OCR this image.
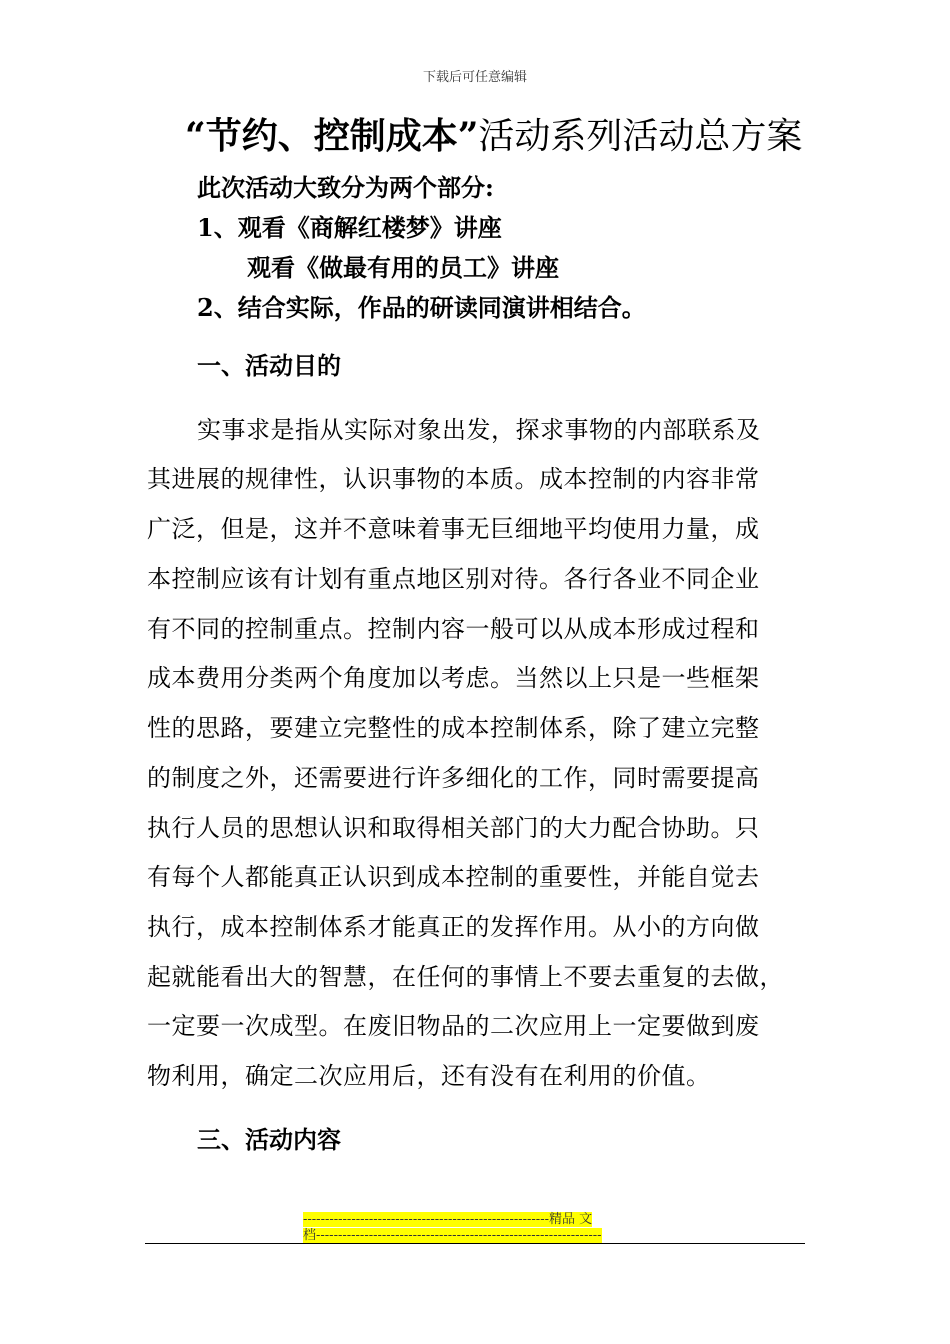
下载后可任意编辑
“节约、控制成本”活动系列活动总方案
此次活动大致分为两个部分:
1、观看《商解红楼梦》讲座
观看《做最有用的员工》讲座
2、结合实际，作品的研读同演讲相结合。
一、活动目的
实事求是指从实际对象出发，探求事物的内部联系及
其进展的规律性，认识事物的本质。成本控制的内容非常
广泛，但是，这并不意味着事无巨细地平均使用力量，成
本控制应该有计划有重点地区别对待。各行各业不同企业
有不同的控制重点。控制内容一般可以从成本形成过程和
成本费用分类两个角度加以考虑。当然以上只是一些框架
性的思路，要建立完整性的成本控制体系，除了建立完整
的制度之外，还需要进行许多细化的工作，同时需要提高
执行人员的思想认识和取得相关部门的大力配合协助。只
有每个人都能真正认识到成本控制的重要性，并能自觉去
执行，成本控制体系才能真正的发挥作用。从小的方向做
起就能看出大的智慧，在任何的事情上不要去重复的去做，
一定要一次成型。在废旧物品的二次应用上一定要做到废
物利用，确定二次应用后，还有没有在利用的价值。
三、活动内容
--------------------------------------------------------精品 文
档-----------------------------------------------------------------
